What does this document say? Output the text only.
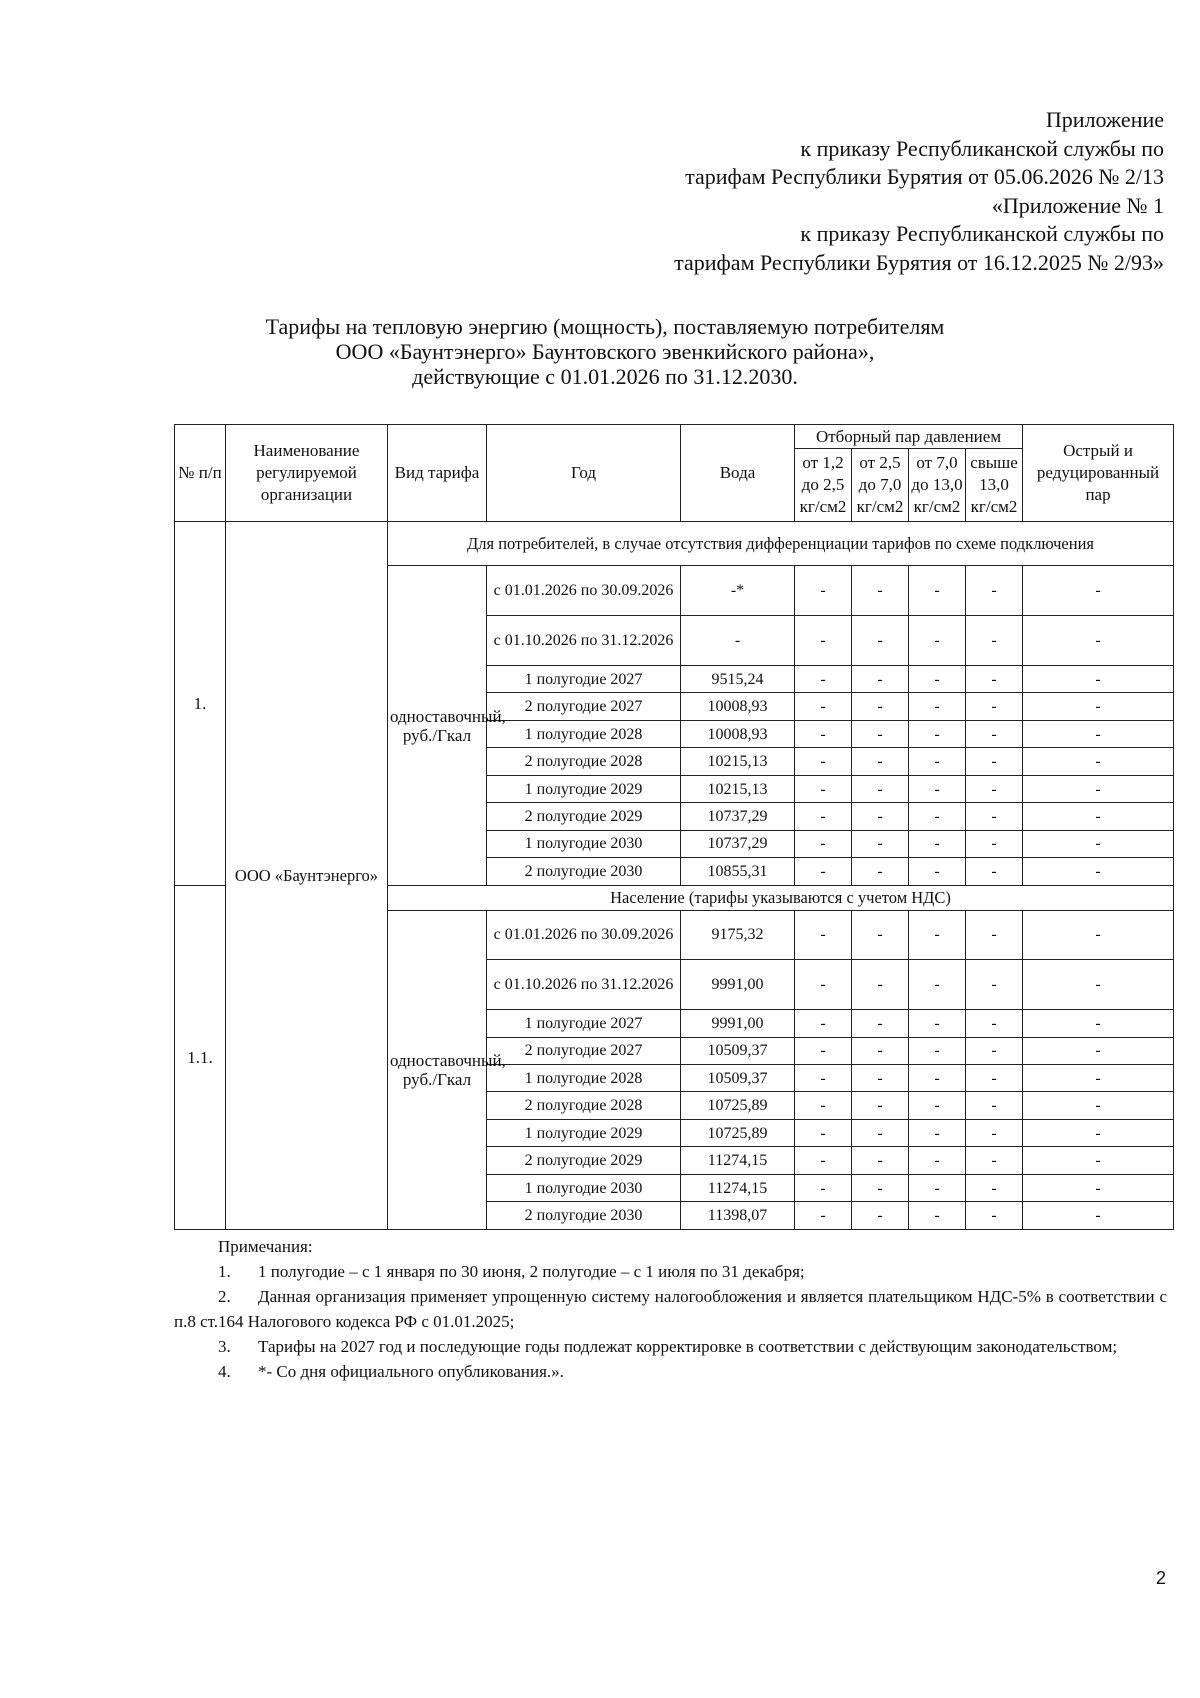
Приложение
к приказу Республиканской службы по
тарифам Республики Бурятия от 05.06.2026 № 2/13
«Приложение № 1
к приказу Республиканской службы по
тарифам Республики Бурятия от 16.12.2025 № 2/93»
Тарифы на тепловую энергию (мощность), поставляемую потребителям
ООО «Баунтэнерго» Баунтовского эвенкийского района»,
действующие с 01.01.2026 по 31.12.2030.
№ п/п	Наименование регулируемой организации	Вид тарифа	Год	Вода	Отборный пар давлением				Острый и редуцированный пар
					от 1,2 до 2,5 кг/см2	от 2,5 до 7,0 кг/см2	от 7,0 до 13,0 кг/см2	свыше 13,0 кг/см2	
1.	ООО «Баунтэнерго»	Для потребителей, в случае отсутствия дифференциации тарифов по схеме подключения							
		одноставочный, руб./Гкал	с 01.01.2026 по 30.09.2026	-*	-	-	-	-	-
			с 01.10.2026 по 31.12.2026	-	-	-	-	-	-
			1 полугодие 2027	9515,24	-	-	-	-	-
			2 полугодие 2027	10008,93	-	-	-	-	-
			1 полугодие 2028	10008,93	-	-	-	-	-
			2 полугодие 2028	10215,13	-	-	-	-	-
			1 полугодие 2029	10215,13	-	-	-	-	-
			2 полугодие 2029	10737,29	-	-	-	-	-
			1 полугодие 2030	10737,29	-	-	-	-	-
			2 полугодие 2030	10855,31	-	-	-	-	-
1.1.		Население (тарифы указываются с учетом НДС)							
		одноставочный, руб./Гкал	с 01.01.2026 по 30.09.2026	9175,32	-	-	-	-	-
			с 01.10.2026 по 31.12.2026	9991,00	-	-	-	-	-
			1 полугодие 2027	9991,00	-	-	-	-	-
			2 полугодие 2027	10509,37	-	-	-	-	-
			1 полугодие 2028	10509,37	-	-	-	-	-
			2 полугодие 2028	10725,89	-	-	-	-	-
			1 полугодие 2029	10725,89	-	-	-	-	-
			2 полугодие 2029	11274,15	-	-	-	-	-
			1 полугодие 2030	11274,15	-	-	-	-	-
			2 полугодие 2030	11398,07	-	-	-	-	-
Примечания:
1. 1 полугодие – с 1 января по 30 июня, 2 полугодие – с 1 июля по 31 декабря;
2. Данная организация применяет упрощенную систему налогообложения и является плательщиком НДС-5% в соответствии с п.8 ст.164 Налогового кодекса РФ с 01.01.2025;
3. Тарифы на 2027 год и последующие годы подлежат корректировке в соответствии с действующим законодательством;
4. *- Со дня официального опубликования.».
2
